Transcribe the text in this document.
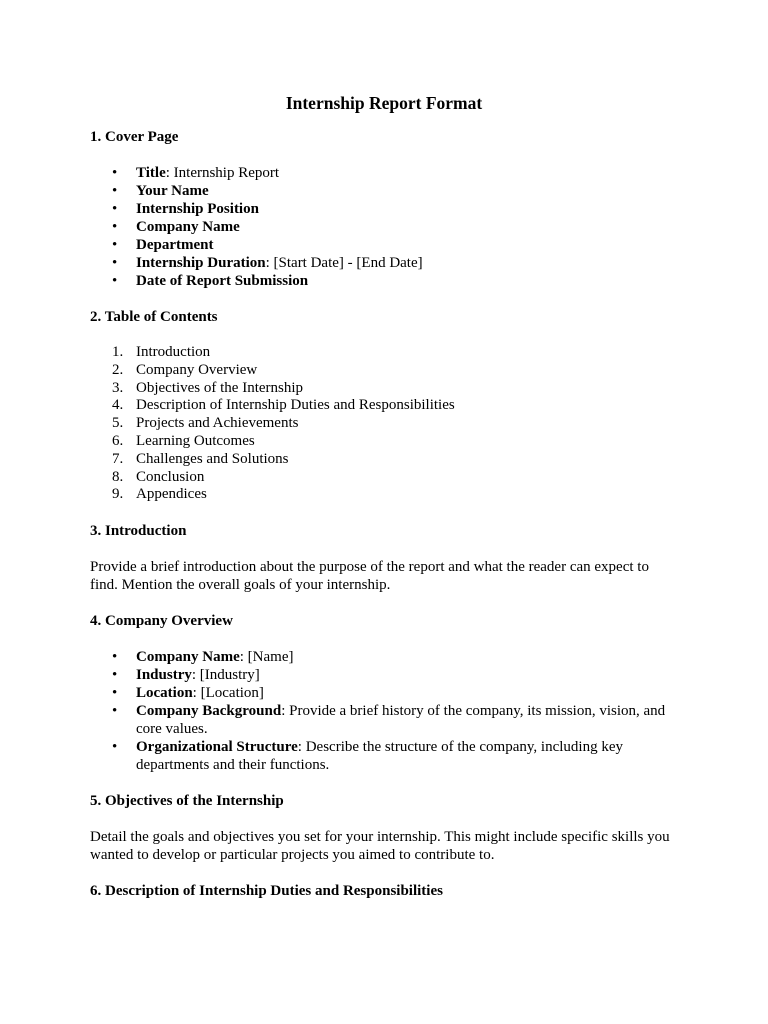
Internship Report Format
1. Cover Page
• Title: Internship Report
• Your Name
• Internship Position
• Company Name
• Department
• Internship Duration: [Start Date] - [End Date]
• Date of Report Submission
2. Table of Contents
1. Introduction
2. Company Overview
3. Objectives of the Internship
4. Description of Internship Duties and Responsibilities
5. Projects and Achievements
6. Learning Outcomes
7. Challenges and Solutions
8. Conclusion
9. Appendices
3. Introduction
Provide a brief introduction about the purpose of the report and what the reader can expect to
find. Mention the overall goals of your internship.
4. Company Overview
• Company Name: [Name]
• Industry: [Industry]
• Location: [Location]
• Company Background: Provide a brief history of the company, its mission, vision, and
core values.
• Organizational Structure: Describe the structure of the company, including key
departments and their functions.
5. Objectives of the Internship
Detail the goals and objectives you set for your internship. This might include specific skills you
wanted to develop or particular projects you aimed to contribute to.
6. Description of Internship Duties and Responsibilities
